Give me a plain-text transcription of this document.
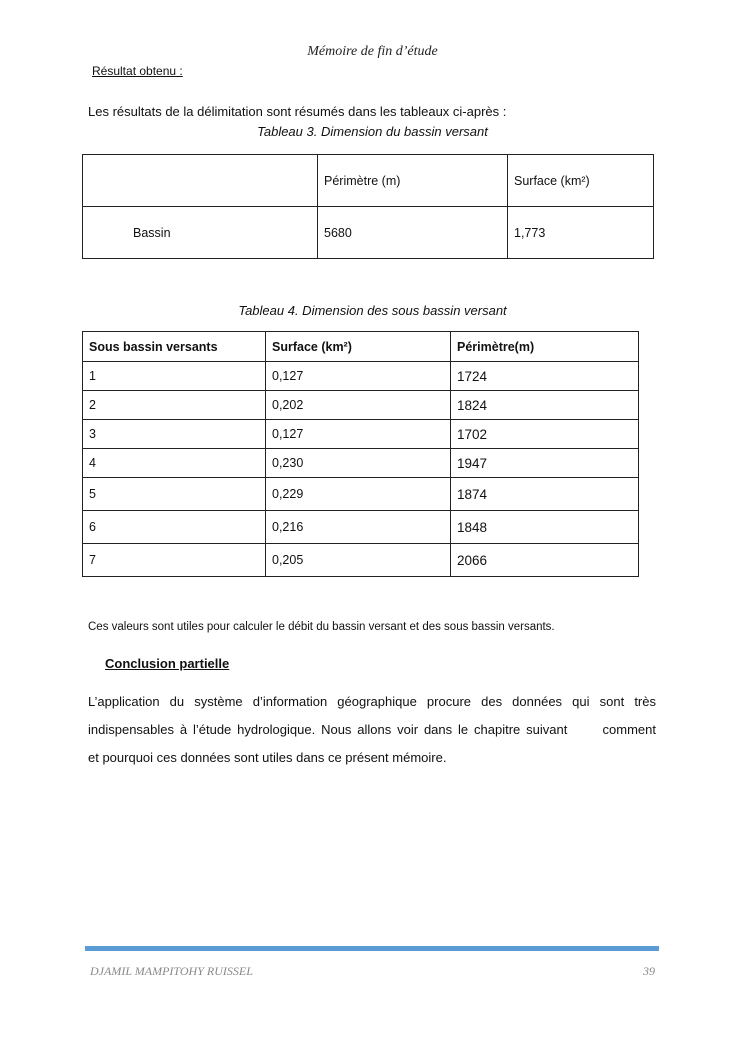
Mémoire de fin d’étude
Résultat obtenu :
Les résultats de la délimitation sont résumés dans les tableaux ci-après :
Tableau 3. Dimension du bassin versant
	Périmètre (m)	Surface (km²)
Bassin	5680	1,773
Tableau 4. Dimension des sous bassin versant
Sous bassin versants	Surface (km²)	Périmètre(m)
1	0,127	1724
2	0,202	1824
3	0,127	1702
4	0,230	1947
5	0,229	1874
6	0,216	1848
7	0,205	2066
Ces valeurs sont utiles pour calculer le débit du bassin versant et des sous bassin versants.
Conclusion partielle
L’application du système d’information géographique procure des données qui sont très
indispensables à l’étude hydrologique. Nous allons voir dans le chapitre suivant      comment
et pourquoi ces données sont utiles dans ce présent mémoire.
DJAMIL MAMPITOHY RUISSEL	39
